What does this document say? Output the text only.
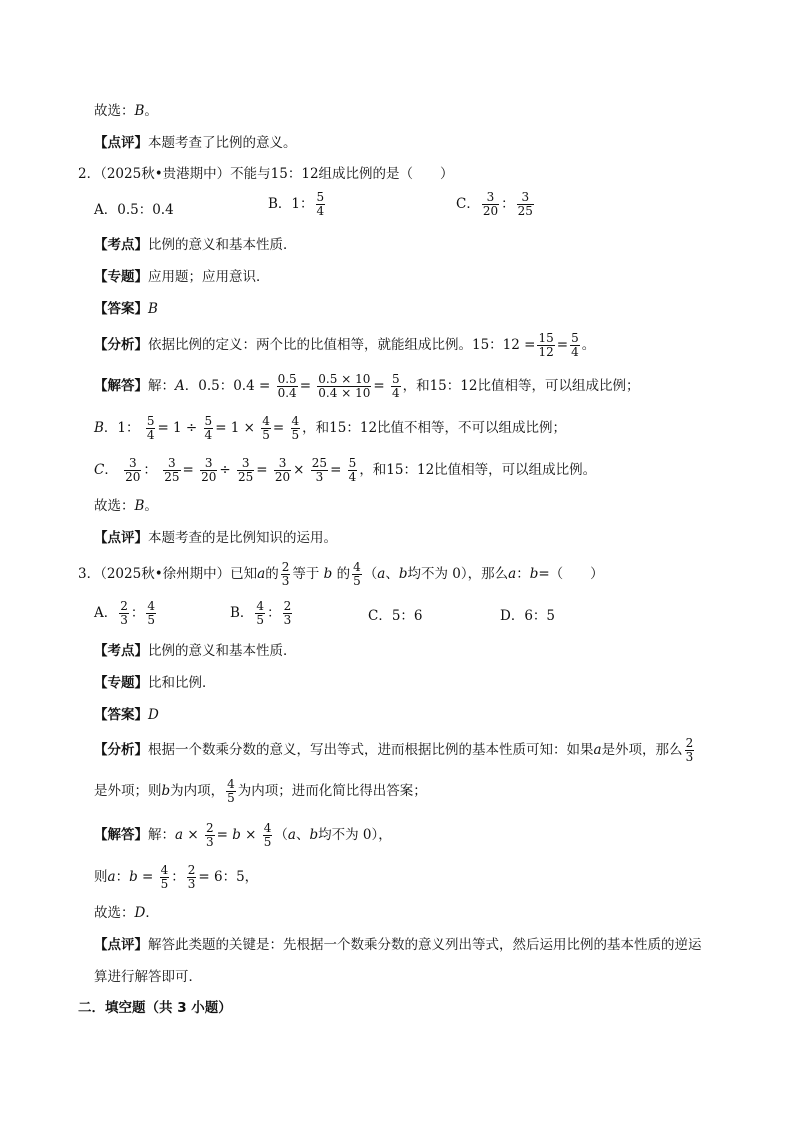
故选：B。
【点评】本题考查了比例的意义。
2．（2025秋•贵港期中）不能与15：12组成比例的是（　　）
A．0.5：0.4	B．1： $\frac{5}{4}$	C． $\frac{3}{20}$ ： $\frac{3}{25}$
【考点】比例的意义和基本性质．
【专题】应用题；应用意识．
【答案】B
【分析】依据比例的定义：两个比的比值相等，就能组成比例。15：$12 = \frac{15}{12} = \frac{5}{4}$ 。
【解答】解：A．0.5：$0.4 = \frac{0.5}{0.4} = \frac{0.5 \times 10}{0.4 \times 10} = \frac{5}{4}$ ，和15：12比值相等，可以组成比例；
B．1： $\frac{5}{4} = 1 \div \frac{5}{4} = 1 \times \frac{4}{5} = \frac{4}{5}$ ，和15：12比值不相等，不可以组成比例；
C． $\frac{3}{20}$ ： $\frac{3}{25} = \frac{3}{20} \div \frac{3}{25} = \frac{3}{20} \times \frac{25}{3} = \frac{5}{4}$ ，和15：12比值相等，可以组成比例。
故选：B。
【点评】本题考查的是比例知识的运用。
3．（2025秋•徐州期中）已知a的 $\frac{2}{3}$ 等于 b 的 $\frac{4}{5} (a$、b均不为 0），那么a：b=（　　）
A． $\frac{2}{3}$ ： $\frac{4}{5}$	B． $\frac{4}{5}$ ： $\frac{2}{3}$	C．5：6	D．6：5
【考点】比例的意义和基本性质．
【专题】比和比例．
【答案】D
【分析】根据一个数乘分数的意义，写出等式，进而根据比例的基本性质可知：如果a是外项，那么 $\frac{2}{3}$
是外项；则b为内项， $\frac{4}{5}$ 为内项；进而化简比得出答案；
【解答】解：$a \times \frac{2}{3} = b \times \frac{4}{5} (a$、b均不为 0），
则a：$b = \frac{4}{5}$ ： $\frac{2}{3} = 6$：5，
故选：D．
【点评】解答此类题的关键是：先根据一个数乘分数的意义列出等式，然后运用比例的基本性质的逆运
算进行解答即可．
二．填空题（共 3 小题）
